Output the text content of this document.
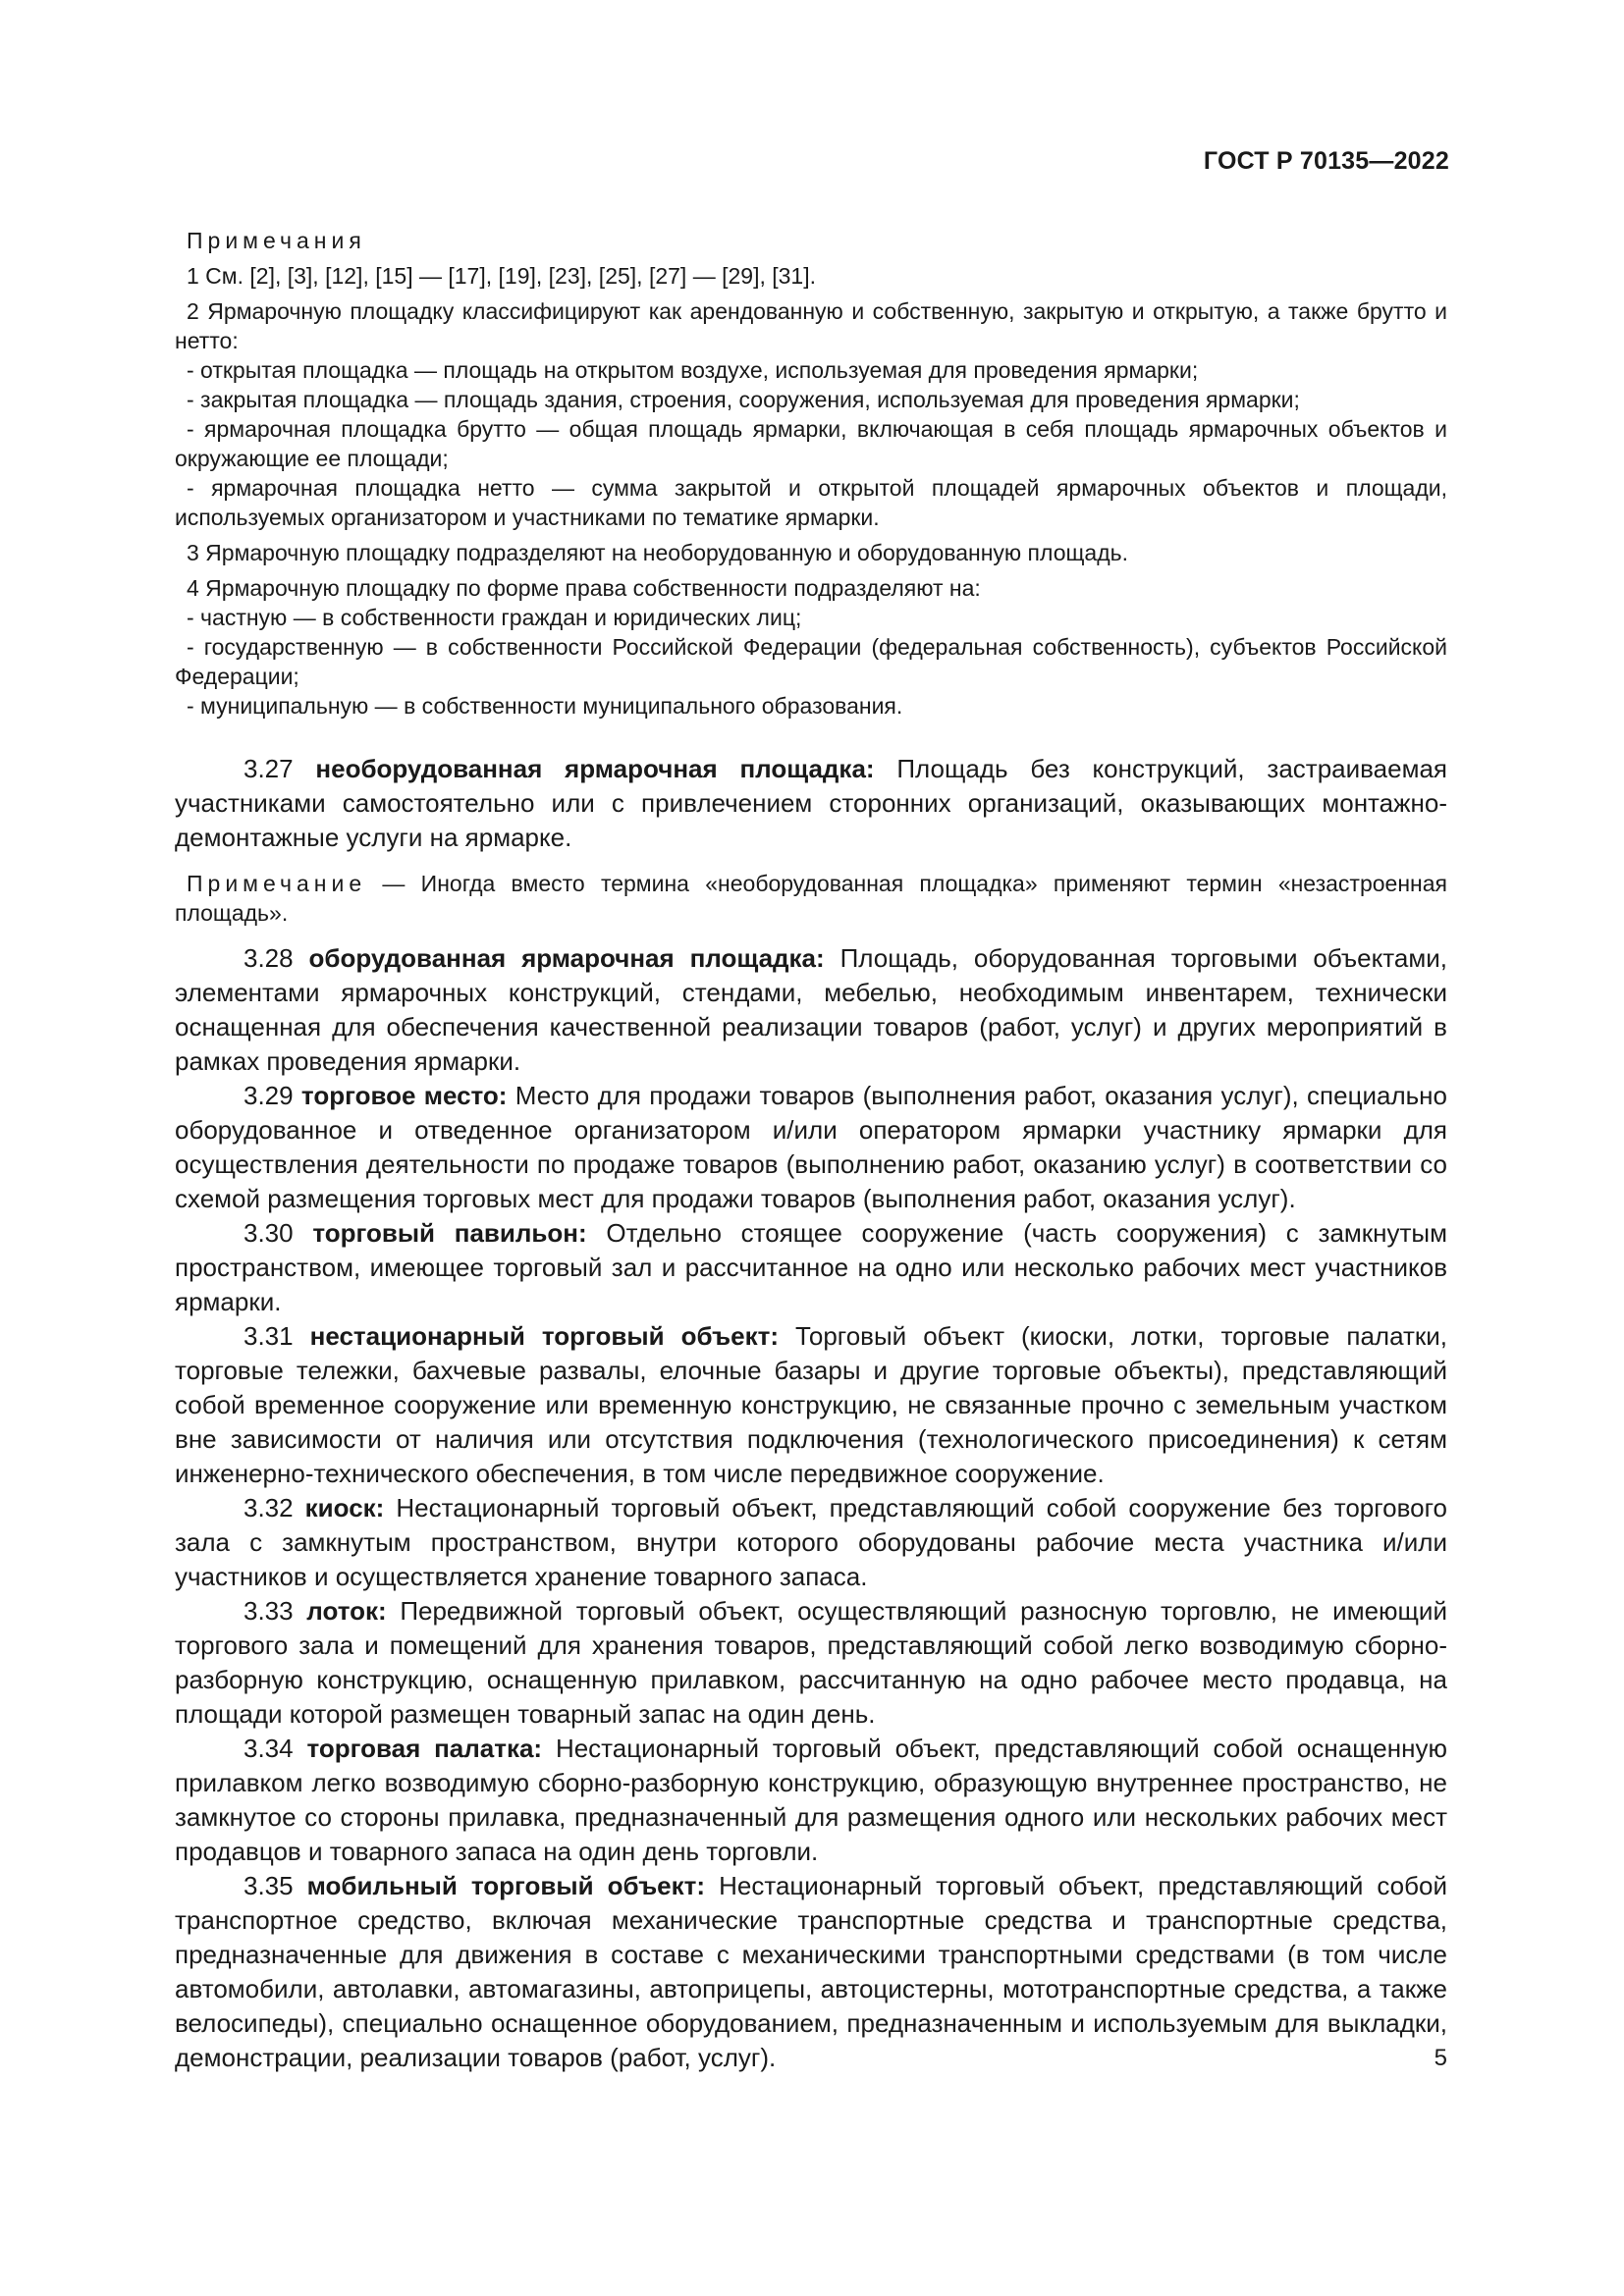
ГОСТ Р 70135—2022

Примечания

1 См. [2], [3], [12], [15] — [17], [19], [23], [25], [27] — [29], [31].

2 Ярмарочную площадку классифицируют как арендованную и собственную, закрытую и открытую, а также брутто и нетто:

- открытая площадка — площадь на открытом воздухе, используемая для проведения ярмарки;

- закрытая площадка — площадь здания, строения, сооружения, используемая для проведения ярмарки;

- ярмарочная площадка брутто — общая площадь ярмарки, включающая в себя площадь ярмарочных объектов и окружающие ее площади;

- ярмарочная площадка нетто — сумма закрытой и открытой площадей ярмарочных объектов и площади, используемых организатором и участниками по тематике ярмарки.

3 Ярмарочную площадку подразделяют на необорудованную и оборудованную площадь.

4 Ярмарочную площадку по форме права собственности подразделяют на:

- частную — в собственности граждан и юридических лиц;

- государственную — в собственности Российской Федерации (федеральная собственность), субъектов Российской Федерации;

- муниципальную — в собственности муниципального образования.

3.27 необорудованная ярмарочная площадка: Площадь без конструкций, застраиваемая участниками самостоятельно или с привлечением сторонних организаций, оказывающих монтажно-демонтажные услуги на ярмарке.

Примечание — Иногда вместо термина «необорудованная площадка» применяют термин «незастроенная площадь».

3.28 оборудованная ярмарочная площадка: Площадь, оборудованная торговыми объектами, элементами ярмарочных конструкций, стендами, мебелью, необходимым инвентарем, технически оснащенная для обеспечения качественной реализации товаров (работ, услуг) и других мероприятий в рамках проведения ярмарки.

3.29 торговое место: Место для продажи товаров (выполнения работ, оказания услуг), специально оборудованное и отведенное организатором и/или оператором ярмарки участнику ярмарки для осуществления деятельности по продаже товаров (выполнению работ, оказанию услуг) в соответствии со схемой размещения торговых мест для продажи товаров (выполнения работ, оказания услуг).

3.30 торговый павильон: Отдельно стоящее сооружение (часть сооружения) с замкнутым пространством, имеющее торговый зал и рассчитанное на одно или несколько рабочих мест участников ярмарки.

3.31 нестационарный торговый объект: Торговый объект (киоски, лотки, торговые палатки, торговые тележки, бахчевые развалы, елочные базары и другие торговые объекты), представляющий собой временное сооружение или временную конструкцию, не связанные прочно с земельным участком вне зависимости от наличия или отсутствия подключения (технологического присоединения) к сетям инженерно-технического обеспечения, в том числе передвижное сооружение.

3.32 киоск: Нестационарный торговый объект, представляющий собой сооружение без торгового зала с замкнутым пространством, внутри которого оборудованы рабочие места участника и/или участников и осуществляется хранение товарного запаса.

3.33 лоток: Передвижной торговый объект, осуществляющий разносную торговлю, не имеющий торгового зала и помещений для хранения товаров, представляющий собой легко возводимую сборно-разборную конструкцию, оснащенную прилавком, рассчитанную на одно рабочее место продавца, на площади которой размещен товарный запас на один день.

3.34 торговая палатка: Нестационарный торговый объект, представляющий собой оснащенную прилавком легко возводимую сборно-разборную конструкцию, образующую внутреннее пространство, не замкнутое со стороны прилавка, предназначенный для размещения одного или нескольких рабочих мест продавцов и товарного запаса на один день торговли.

3.35 мобильный торговый объект: Нестационарный торговый объект, представляющий собой транспортное средство, включая механические транспортные средства и транспортные средства, предназначенные для движения в составе с механическими транспортными средствами (в том числе автомобили, автолавки, автомагазины, автоприцепы, автоцистерны, мототранспортные средства, а также велосипеды), специально оснащенное оборудованием, предназначенным и используемым для выкладки, демонстрации, реализации товаров (работ, услуг).	5
